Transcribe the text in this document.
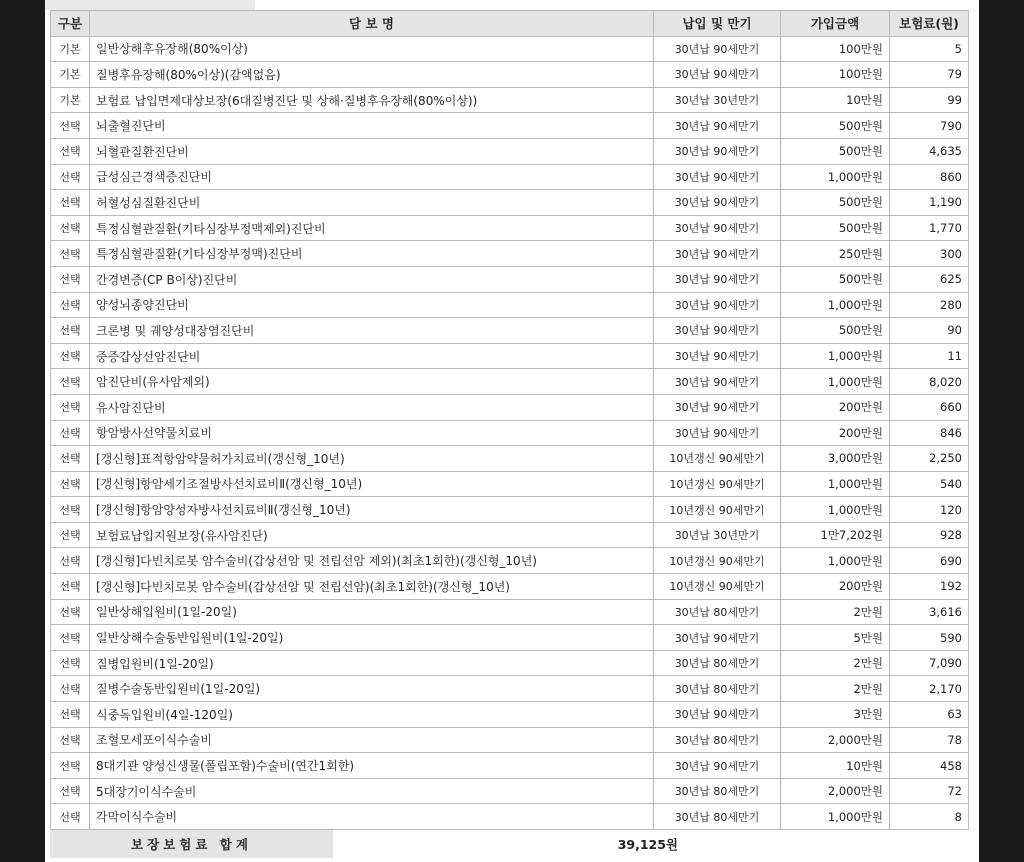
구분	담 보 명	납입 및 만기	가입금액	보험료(원)
기본	일반상해후유장해(80%이상)	30년납 90세만기	100만원	5
기본	질병후유장해(80%이상)(감액없음)	30년납 90세만기	100만원	79
기본	보험료 납입면제대상보장(6대질병진단 및 상해·질병후유장해(80%이상))	30년납 30년만기	10만원	99
선택	뇌출혈진단비	30년납 90세만기	500만원	790
선택	뇌혈관질환진단비	30년납 90세만기	500만원	4,635
선택	급성심근경색증진단비	30년납 90세만기	1,000만원	860
선택	허혈성심질환진단비	30년납 90세만기	500만원	1,190
선택	특정심혈관질환(기타심장부정맥제외)진단비	30년납 90세만기	500만원	1,770
선택	특정심혈관질환(기타심장부정맥)진단비	30년납 90세만기	250만원	300
선택	간경변증(CP B이상)진단비	30년납 90세만기	500만원	625
선택	양성뇌종양진단비	30년납 90세만기	1,000만원	280
선택	크론병 및 궤양성대장염진단비	30년납 90세만기	500만원	90
선택	중증갑상선암진단비	30년납 90세만기	1,000만원	11
선택	암진단비(유사암제외)	30년납 90세만기	1,000만원	8,020
선택	유사암진단비	30년납 90세만기	200만원	660
선택	항암방사선약물치료비	30년납 90세만기	200만원	846
선택	[갱신형]표적항암약물허가치료비(갱신형_10년)	10년갱신 90세만기	3,000만원	2,250
선택	[갱신형]항암세기조절방사선치료비Ⅱ(갱신형_10년)	10년갱신 90세만기	1,000만원	540
선택	[갱신형]항암양성자방사선치료비Ⅱ(갱신형_10년)	10년갱신 90세만기	1,000만원	120
선택	보험료납입지원보장(유사암진단)	30년납 30년만기	1만7,202원	928
선택	[갱신형]다빈치로봇 암수술비(갑상선암 및 전립선암 제외)(최초1회한)(갱신형_10년)	10년갱신 90세만기	1,000만원	690
선택	[갱신형]다빈치로봇 암수술비(갑상선암 및 전립선암)(최초1회한)(갱신형_10년)	10년갱신 90세만기	200만원	192
선택	일반상해입원비(1일-20일)	30년납 80세만기	2만원	3,616
선택	일반상해수술동반입원비(1일-20일)	30년납 90세만기	5만원	590
선택	질병입원비(1일-20일)	30년납 80세만기	2만원	7,090
선택	질병수술동반입원비(1일-20일)	30년납 80세만기	2만원	2,170
선택	식중독입원비(4일-120일)	30년납 90세만기	3만원	63
선택	조혈모세포이식수술비	30년납 80세만기	2,000만원	78
선택	8대기관 양성신생물(폴립포함)수술비(연간1회한)	30년납 90세만기	10만원	458
선택	5대장기이식수술비	30년납 80세만기	2,000만원	72
선택	각막이식수술비	30년납 80세만기	1,000만원	8
보장보험료 합계	39,125원
